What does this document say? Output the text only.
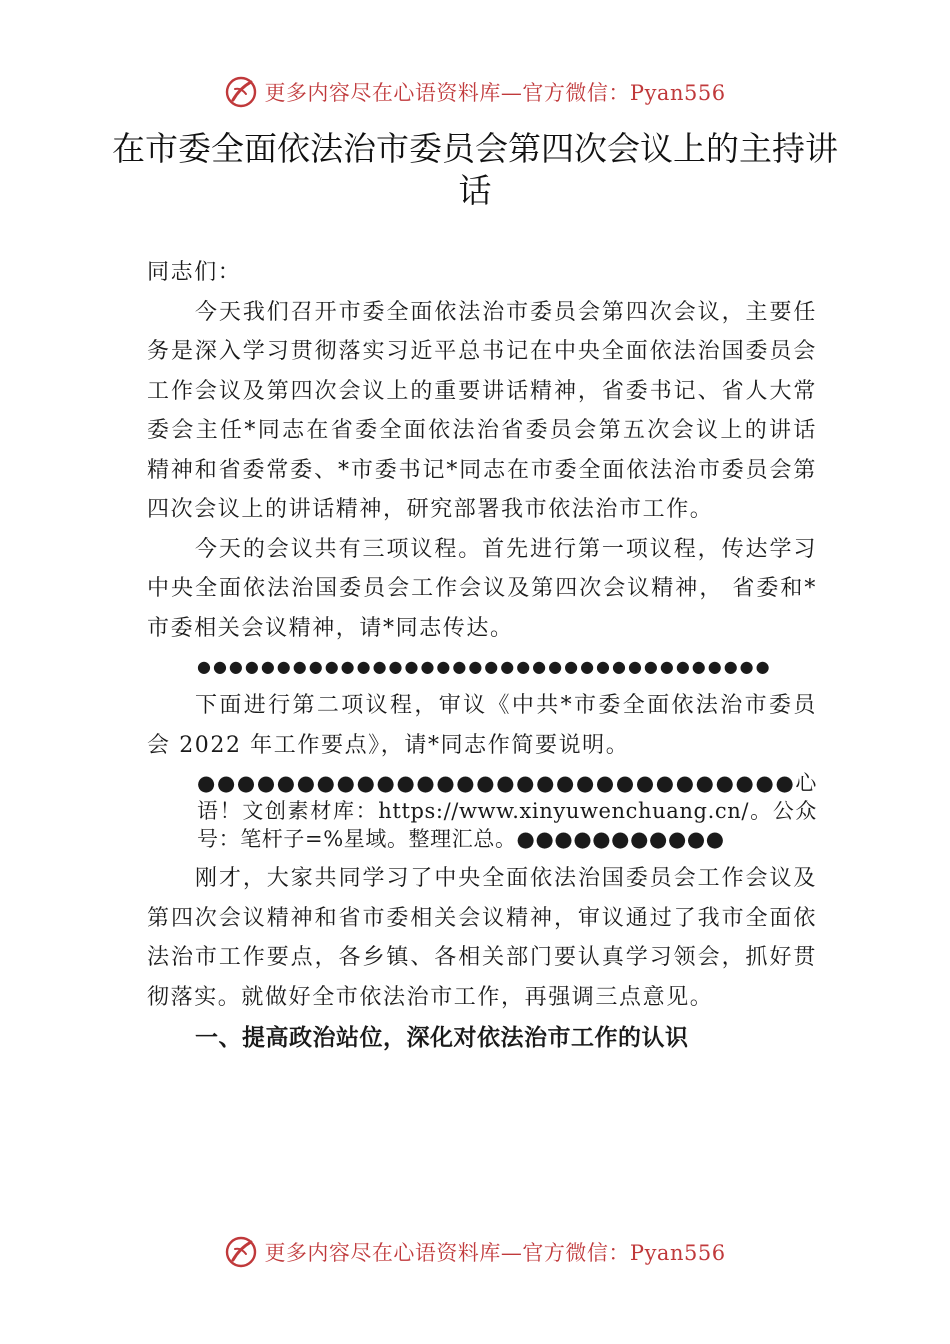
更多内容尽在心语资料库—官方微信：Pyan556
在市委全面依法治市委员会第四次会议上的主持讲话

同志们：

今天我们召开市委全面依法治市委员会第四次会议，主要任务是深入学习贯彻落实习近平总书记在中央全面依法治国委员会工作会议及第四次会议上的重要讲话精神，省委书记、省人大常委会主任*同志在省委全面依法治省委员会第五次会议上的讲话精神和省委常委、*市委书记*同志在市委全面依法治市委员会第四次会议上的讲话精神，研究部署我市依法治市工作。

今天的会议共有三项议程。首先进行第一项议程，传达学习中央全面依法治国委员会工作会议及第四次会议精神， 省委和*市委相关会议精神，请*同志传达。

●●●●●●●●●●●●●●●●●●●●●●●●●●●●●●●●●●●●

下面进行第二项议程，审议《中共*市委全面依法治市委员会 2022 年工作要点》，请*同志作简要说明。

●●●●●●●●●●●●●●●●●●●●●●●●●●●●●●心语！文创素材库：https://www.xinyuwenchuang.cn/。公众号：笔杆子=%星域。整理汇总。●●●●●●●●●●●

刚才，大家共同学习了中央全面依法治国委员会工作会议及第四次会议精神和省市委相关会议精神，审议通过了我市全面依法治市工作要点，各乡镇、各相关部门要认真学习领会，抓好贯彻落实。就做好全市依法治市工作，再强调三点意见。

一、提高政治站位，深化对依法治市工作的认识

更多内容尽在心语资料库—官方微信：Pyan556
